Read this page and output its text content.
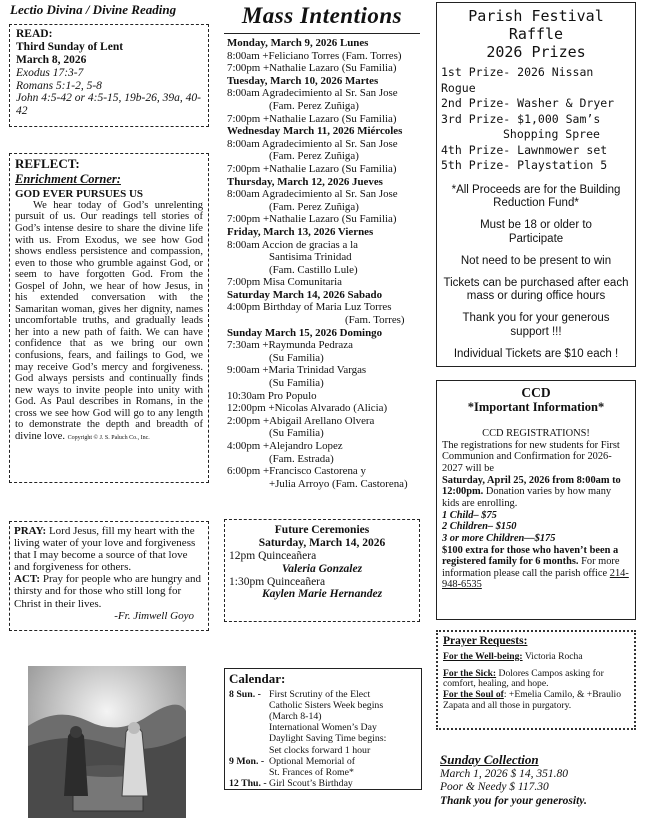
Lectio Divina / Divine Reading
READ:
Third Sunday of Lent
March 8, 2026
Exodus 17:3-7
Romans 5:1-2, 5-8
John 4:5-42 or 4:5-15, 19b-26, 39a, 40-42
REFLECT:
Enrichment Corner:
GOD EVER PURSUES US
We hear today of God’s unrelenting pursuit of us. Our readings tell stories of God’s intense desire to share the divine life with us. From Exodus, we see how God shows endless persistence and compassion, even to those who grumble against God, or seem to have forgotten God. From the Gospel of John, we hear of how Jesus, in his extended conversation with the Samaritan woman, gives her dignity, names uncomfortable truths, and gradually leads her into a new path of faith. We can have confidence that as we bring our own confusions, fears, and failings to God, we may receive God’s mercy and forgiveness. God always persists and continually finds new ways to invite people into unity with God. As Paul describes in Romans, in the cross we see how God will go to any length to demonstrate the depth and breadth of divine love. Copyright © J. S. Paluch Co., Inc.
PRAY: Lord Jesus, fill my heart with the living water of your love and forgiveness that I may become a source of that love and forgiveness for others.
ACT: Pray for people who are hungry and thirsty and for those who still long for Christ in their lives.
-Fr. Jimwell Goyo
Mass Intentions
Monday, March 9, 2026 Lunes
8:00am +Feliciano Torres (Fam. Torres)
7:00pm +Nathalie Lazaro (Su Familia)
Tuesday, March 10, 2026 Martes
8:00am Agradecimiento al Sr. San Jose
(Fam. Perez Zuñiga)
7:00pm +Nathalie Lazaro (Su Familia)
Wednesday March 11, 2026 Miércoles
8:00am Agradecimiento al Sr. San Jose
(Fam. Perez Zuñiga)
7:00pm +Nathalie Lazaro (Su Familia)
Thursday, March 12, 2026 Jueves
8:00am Agradecimiento al Sr. San Jose
(Fam. Perez Zuñiga)
7:00pm +Nathalie Lazaro (Su Familia)
Friday, March 13, 2026 Viernes
8:00am Accion de gracias a la
Santisima Trinidad
(Fam. Castillo Lule)
7:00pm Misa Comunitaria
Saturday March 14, 2026 Sabado
4:00pm Birthday of Maria Luz Torres
(Fam. Torres)
Sunday March 15, 2026 Domingo
7:30am +Raymunda Pedraza
(Su Familia)
9:00am +Maria Trinidad Vargas
(Su Familia)
10:30am Pro Populo
12:00pm +Nicolas Alvarado (Alicia)
2:00pm +Abigail Arellano Olvera
(Su Familia)
4:00pm +Alejandro Lopez
(Fam. Estrada)
6:00pm +Francisco Castorena y
+Julia Arroyo (Fam. Castorena)
Future Ceremonies
Saturday, March 14, 2026
12pm Quinceañera
Valeria Gonzalez
1:30pm Quinceañera
Kaylen Marie Hernandez
Calendar:
8 Sun. - First Scrutiny of the Elect
Catholic Sisters Week begins
(March 8-14)
International Women’s Day
Daylight Saving Time begins:
Set clocks forward 1 hour
9 Mon. - Optional Memorial of
St. Frances of Rome*
12 Thu. - Girl Scout’s Birthday
Parish Festival Raffle
2026 Prizes
1st Prize- 2026 Nissan Rogue
2nd Prize- Washer & Dryer
3rd Prize- $1,000 Sam’s
Shopping Spree
4th Prize- Lawnmower set
5th Prize- Playstation 5
*All Proceeds are for the Building Reduction Fund*
Must be 18 or older to Participate
Not need to be present to win
Tickets can be purchased after each mass or during office hours
Thank you for your generous support !!!
Individual Tickets are $10 each !
CCD
*Important Information*
CCD REGISTRATIONS!
The registrations for new students for First Communion and Confirmation for 2026-2027 will be
Saturday, April 25, 2026 from 8:00am to 12:00pm. Donation varies by how many kids are enrolling.
1 Child– $75
2 Children– $150
3 or more Children—$175
$100 extra for those who haven’t been a registered family for 6 months. For more information please call the parish office 214-948-6535
Prayer Requests:
For the Well-being: Victoria Rocha
For the Sick: Dolores Campos asking for comfort, healing, and hope.
For the Soul of: +Emelia Camilo, & +Braulio Zapata and all those in purgatory.
Sunday Collection
March 1, 2026 $ 14, 351.80
Poor & Needy $ 117.30
Thank you for your generosity.
